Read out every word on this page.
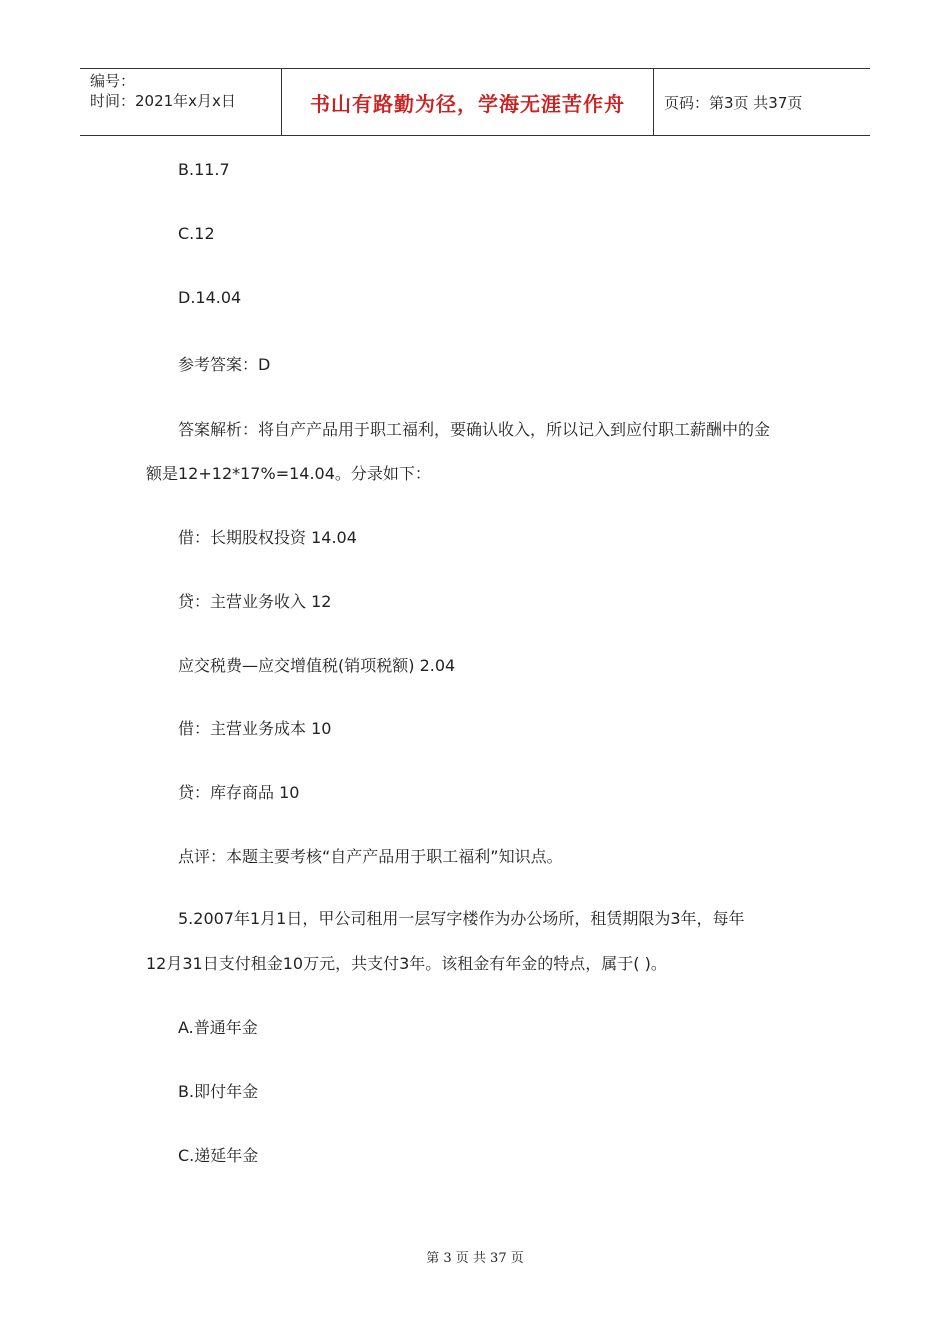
编号：
时间：2021年x月x日	书山有路勤为径，学海无涯苦作舟	页码：第3页 共37页
B.11.7
C.12
D.14.04
参考答案：D
答案解析：将自产产品用于职工福利，要确认收入，所以记入到应付职工薪酬中的金
额是12+12*17%=14.04。分录如下：
借：长期股权投资 14.04
贷：主营业务收入 12
应交税费—应交增值税(销项税额) 2.04
借：主营业务成本 10
贷：库存商品 10
点评：本题主要考核“自产产品用于职工福利”知识点。
5.2007年1月1日，甲公司租用一层写字楼作为办公场所，租赁期限为3年，每年
12月31日支付租金10万元，共支付3年。该租金有年金的特点，属于( )。
A.普通年金
B.即付年金
C.递延年金
第 3 页 共 37 页
